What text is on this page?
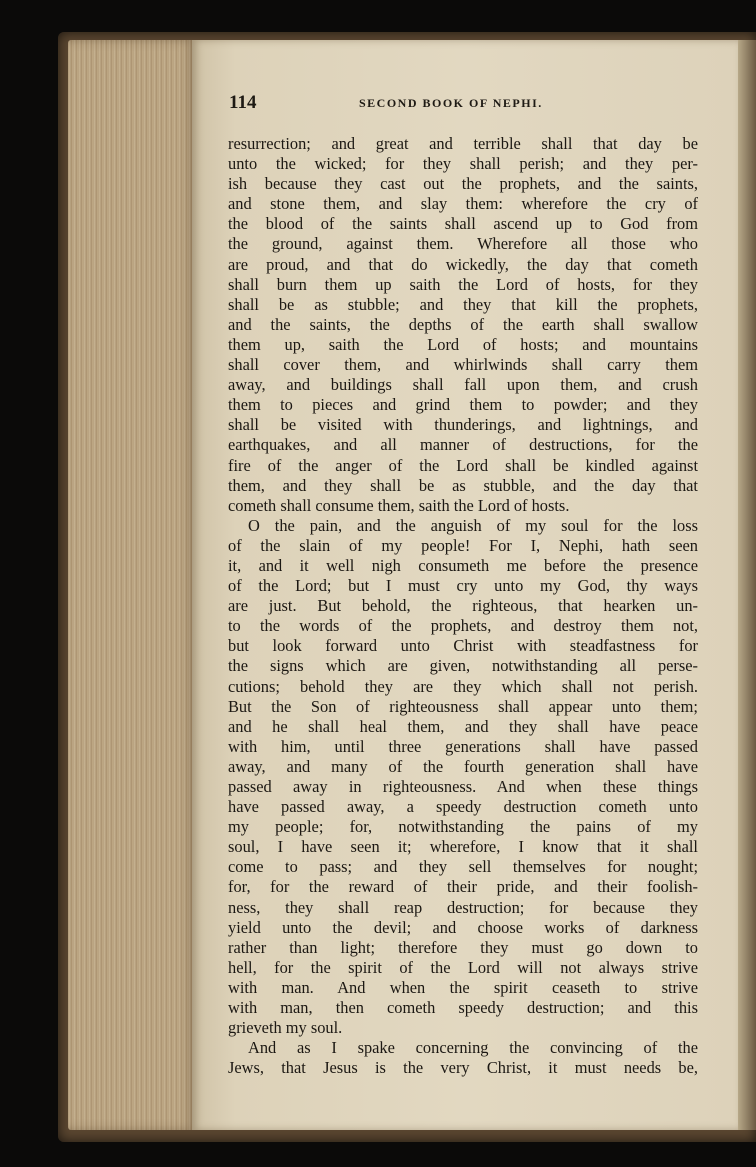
114	SECOND BOOK OF NEPHI.
resurrection; and great and terrible shall that day be
unto the wicked; for they shall perish; and they per-
ish because they cast out the prophets, and the saints,
and stone them, and slay them: wherefore the cry of
the blood of the saints shall ascend up to God from
the ground, against them. Wherefore all those who
are proud, and that do wickedly, the day that cometh
shall burn them up saith the Lord of hosts, for they
shall be as stubble; and they that kill the prophets,
and the saints, the depths of the earth shall swallow
them up, saith the Lord of hosts; and mountains
shall cover them, and whirlwinds shall carry them
away, and buildings shall fall upon them, and crush
them to pieces and grind them to powder; and they
shall be visited with thunderings, and lightnings, and
earthquakes, and all manner of destructions, for the
fire of the anger of the Lord shall be kindled against
them, and they shall be as stubble, and the day that
cometh shall consume them, saith the Lord of hosts.
O the pain, and the anguish of my soul for the loss
of the slain of my people! For I, Nephi, hath seen
it, and it well nigh consumeth me before the presence
of the Lord; but I must cry unto my God, thy ways
are just. But behold, the righteous, that hearken un-
to the words of the prophets, and destroy them not,
but look forward unto Christ with steadfastness for
the signs which are given, notwithstanding all perse-
cutions; behold they are they which shall not perish.
But the Son of righteousness shall appear unto them;
and he shall heal them, and they shall have peace
with him, until three generations shall have passed
away, and many of the fourth generation shall have
passed away in righteousness. And when these things
have passed away, a speedy destruction cometh unto
my people; for, notwithstanding the pains of my
soul, I have seen it; wherefore, I know that it shall
come to pass; and they sell themselves for nought;
for, for the reward of their pride, and their foolish-
ness, they shall reap destruction; for because they
yield unto the devil; and choose works of darkness
rather than light; therefore they must go down to
hell, for the spirit of the Lord will not always strive
with man. And when the spirit ceaseth to strive
with man, then cometh speedy destruction; and this
grieveth my soul.
And as I spake concerning the convincing of the
Jews, that Jesus is the very Christ, it must needs be,
